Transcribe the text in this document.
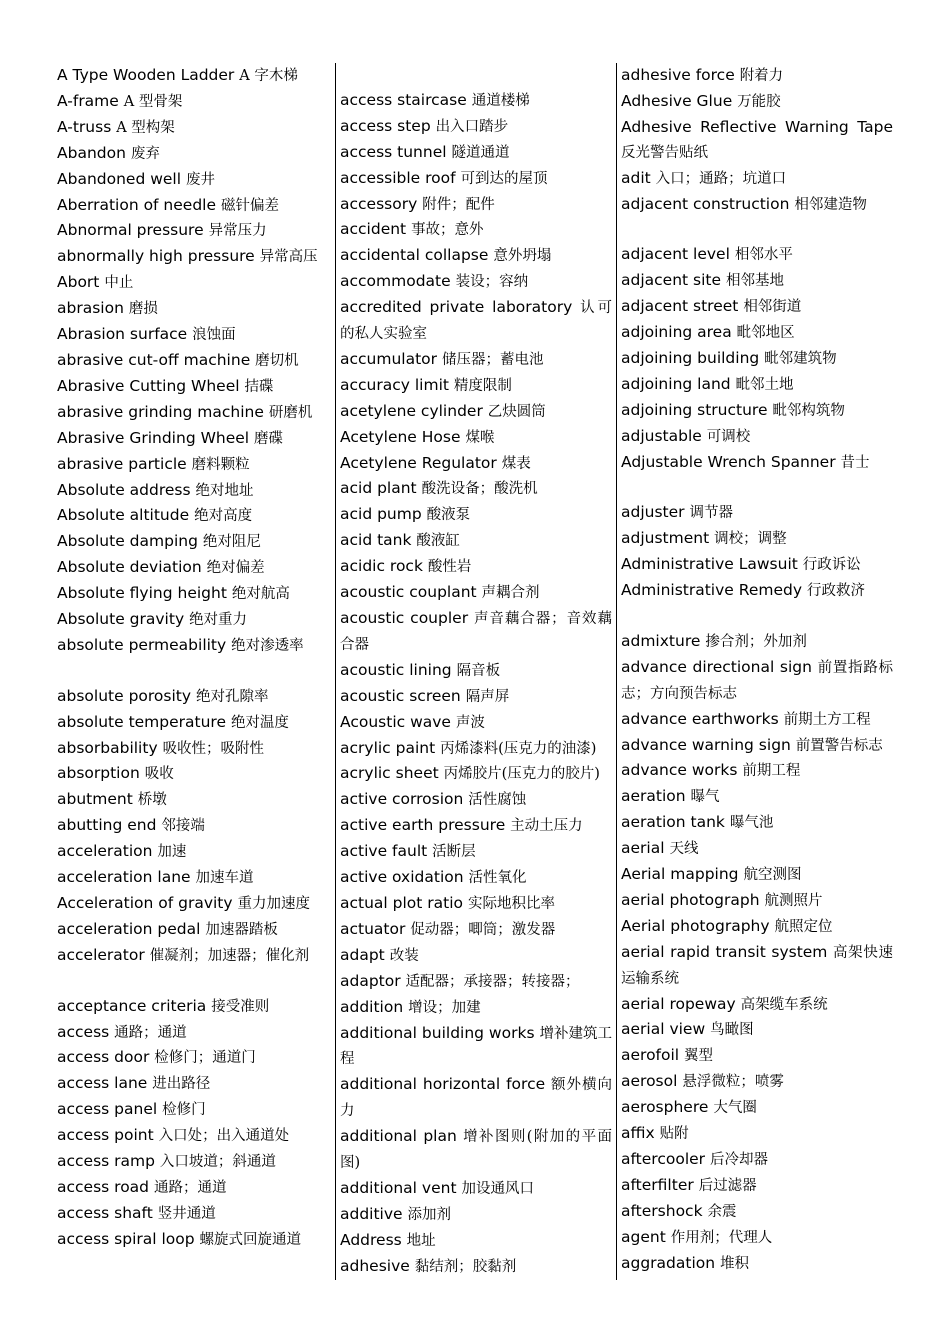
A Type Wooden Ladder A 字木梯
A-frame A 型骨架
A-truss A 型构架
Abandon 废弃
Abandoned well 废井
Aberration of needle 磁针偏差
Abnormal pressure 异常压力
abnormally high pressure 异常高压
Abort 中止
abrasion 磨损
Abrasion surface 浪蚀面
abrasive cut-off machine 磨切机
Abrasive Cutting Wheel 拮碟
abrasive grinding machine 研磨机
Abrasive Grinding Wheel 磨碟
abrasive particle 磨料颗粒
Absolute address 绝对地址
Absolute altitude 绝对高度
Absolute damping 绝对阻尼
Absolute deviation 绝对偏差
Absolute flying height 绝对航高
Absolute gravity 绝对重力
absolute permeability 绝对渗透率
absolute porosity 绝对孔隙率
absolute temperature 绝对温度
absorbability 吸收性；吸附性
absorption 吸收
abutment 桥墩
abutting end 邻接端
acceleration 加速
acceleration lane 加速车道
Acceleration of gravity 重力加速度
acceleration pedal 加速器踏板
accelerator 催凝剂；加速器；催化剂
acceptance criteria 接受准则
access 通路；通道
access door 检修门；通道门
access lane 进出路径
access panel 检修门
access point 入口处；出入通道处
access ramp 入口坡道；斜通道
access road 通路；通道
access shaft 竖井通道
access spiral loop 螺旋式回旋通道
access staircase 通道楼梯
access step 出入口踏步
access tunnel 隧道通道
accessible roof 可到达的屋顶
accessory 附件；配件
accident 事故；意外
accidental collapse 意外坍塌
accommodate 装设；容纳
accredited private laboratory 认可的私人实验室
accumulator 储压器；蓄电池
accuracy limit 精度限制
acetylene cylinder 乙炔圆筒
Acetylene Hose 煤喉
Acetylene Regulator 煤表
acid plant 酸洗设备；酸洗机
acid pump 酸液泵
acid tank 酸液缸
acidic rock 酸性岩
acoustic couplant 声耦合剂
acoustic coupler 声音藕合器；音效藕合器
acoustic lining 隔音板
acoustic screen 隔声屏
Acoustic wave 声波
acrylic paint 丙烯漆料(压克力的油漆)
acrylic sheet 丙烯胶片(压克力的胶片)
active corrosion 活性腐蚀
active earth pressure 主动土压力
active fault 活断层
active oxidation 活性氧化
actual plot ratio 实际地积比率
actuator 促动器；唧筒；激发器
adapt 改装
adaptor 适配器；承接器；转接器；
addition 增设；加建
additional building works 增补建筑工程
additional horizontal force 额外横向力
additional plan 增补图则(附加的平面图)
additional vent 加设通风口
additive 添加剂
Address 地址
adhesive 黏结剂；胶黏剂
adhesive force 附着力
Adhesive Glue 万能胶
Adhesive Reflective Warning Tape 反光警告贴纸
adit 入口；通路；坑道口
adjacent construction 相邻建造物
adjacent level 相邻水平
adjacent site 相邻基地
adjacent street 相邻街道
adjoining area 毗邻地区
adjoining building 毗邻建筑物
adjoining land 毗邻土地
adjoining structure 毗邻构筑物
adjustable 可调校
Adjustable Wrench Spanner 昔士
adjuster 调节器
adjustment 调校；调整
Administrative Lawsuit 行政诉讼
Administrative Remedy 行政救济
admixture 掺合剂；外加剂
advance directional sign 前置指路标志；方向预告标志
advance earthworks 前期土方工程
advance warning sign 前置警告标志
advance works 前期工程
aeration 曝气
aeration tank 曝气池
aerial 天线
Aerial mapping 航空测图
aerial photograph 航测照片
Aerial photography 航照定位
aerial rapid transit system 高架快速运输系统
aerial ropeway 高架缆车系统
aerial view 鸟瞰图
aerofoil 翼型
aerosol 悬浮微粒；喷雾
aerosphere 大气圈
affix 贴附
aftercooler 后冷却器
afterfilter 后过滤器
aftershock 余震
agent 作用剂；代理人
aggradation 堆积
